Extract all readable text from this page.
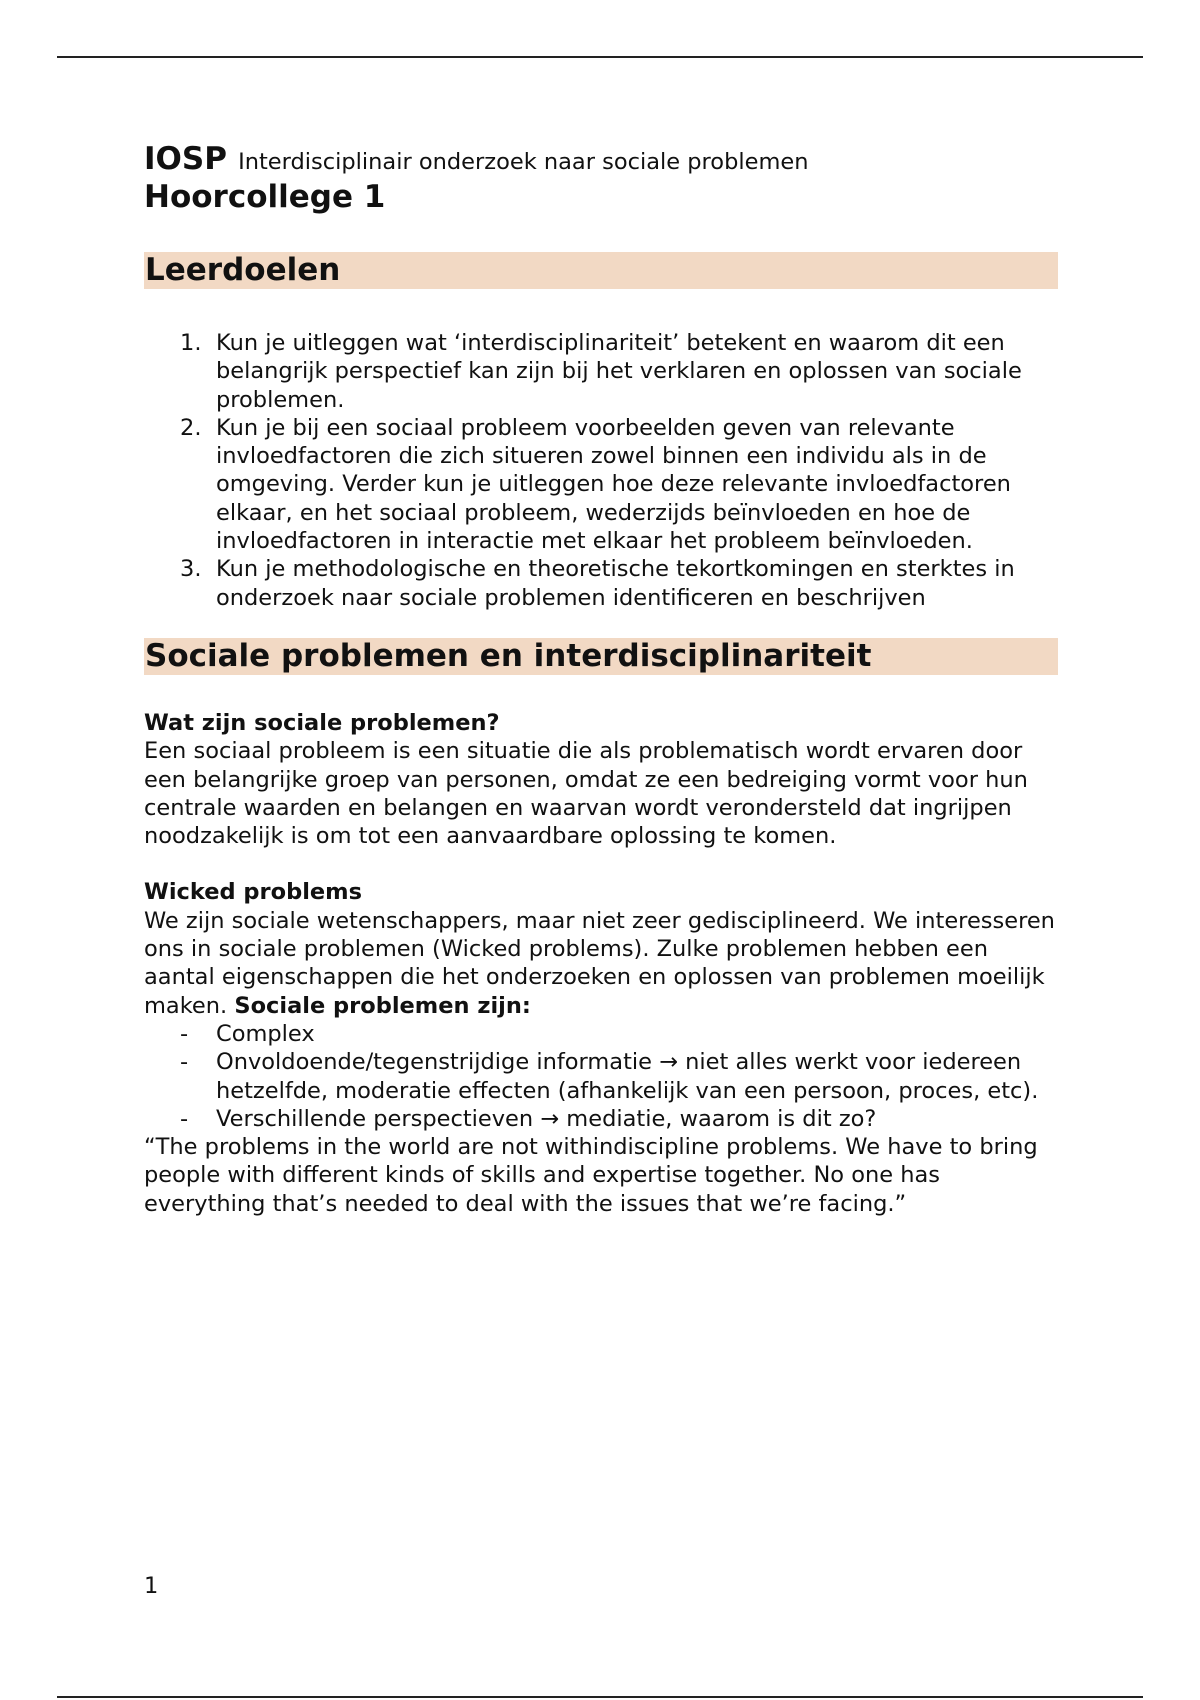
IOSP Interdisciplinair onderzoek naar sociale problemen
Hoorcollege 1
Leerdoelen
1. Kun je uitleggen wat ‘interdisciplinariteit’ betekent en waarom dit een belangrijk perspectief kan zijn bij het verklaren en oplossen van sociale problemen.
2. Kun je bij een sociaal probleem voorbeelden geven van relevante invloedfactoren die zich situeren zowel binnen een individu als in de omgeving. Verder kun je uitleggen hoe deze relevante invloedfactoren elkaar, en het sociaal probleem, wederzijds beïnvloeden en hoe de invloedfactoren in interactie met elkaar het probleem beïnvloeden.
3. Kun je methodologische en theoretische tekortkomingen en sterktes in onderzoek naar sociale problemen identificeren en beschrijven
Sociale problemen en interdisciplinariteit
Wat zijn sociale problemen?

Een sociaal probleem is een situatie die als problematisch wordt ervaren door een belangrijke groep van personen, omdat ze een bedreiging vormt voor hun centrale waarden en belangen en waarvan wordt verondersteld dat ingrijpen noodzakelijk is om tot een aanvaardbare oplossing te komen.

Wicked problems

We zijn sociale wetenschappers, maar niet zeer gedisciplineerd. We interesseren ons in sociale problemen (Wicked problems). Zulke problemen hebben een aantal eigenschappen die het onderzoeken en oplossen van problemen moeilijk maken. Sociale problemen zijn:

- Complex
- Onvoldoende/tegenstrijdige informatie → niet alles werkt voor iedereen hetzelfde, moderatie effecten (afhankelijk van een persoon, proces, etc).
- Verschillende perspectieven → mediatie, waarom is dit zo?

“The problems in the world are not withindiscipline problems. We have to bring people with different kinds of skills and expertise together. No one has everything that’s needed to deal with the issues that we’re facing.”

1
